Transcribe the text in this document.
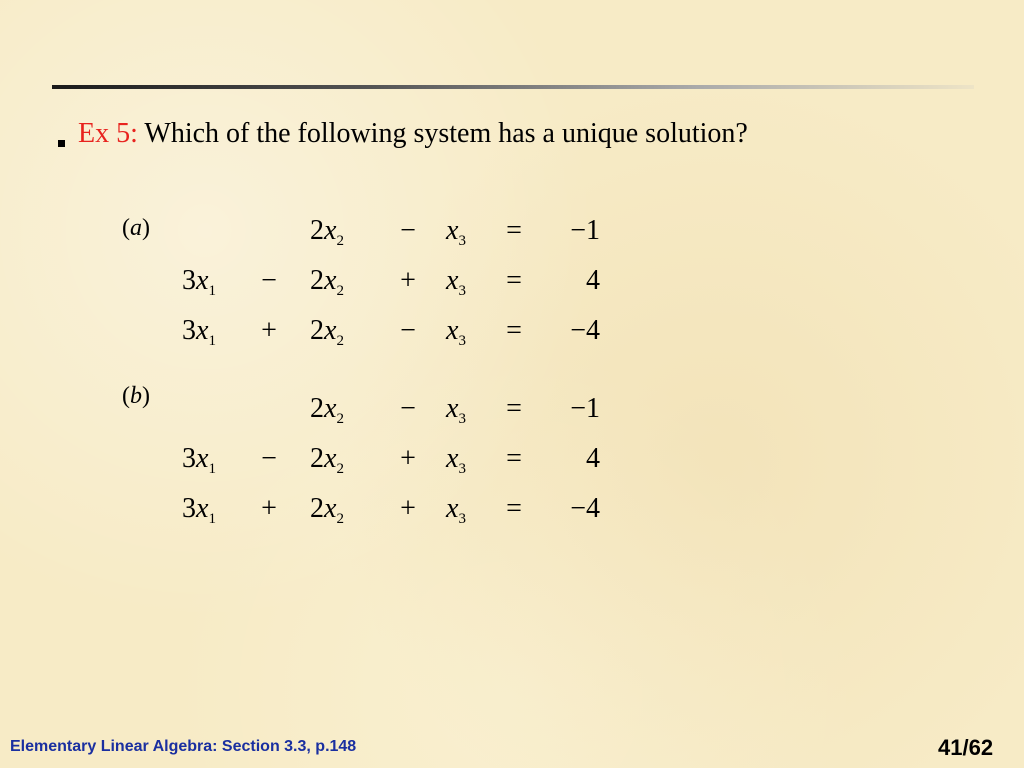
Ex 5: Which of the following system has a unique solution?
(a)	$2x_2 - x_3$ =	−1
$3x_1 - 2x_2 + x_3$ =	4
$3x_1 + 2x_2 - x_3$ =	−4
(b)	$2x_2 - x_3$ =	−1
$3x_1 - 2x_2 + x_3$ =	4
$3x_1 + 2x_2 + x_3$ =	−4
Elementary Linear Algebra: Section 3.3, p.148	41/62
